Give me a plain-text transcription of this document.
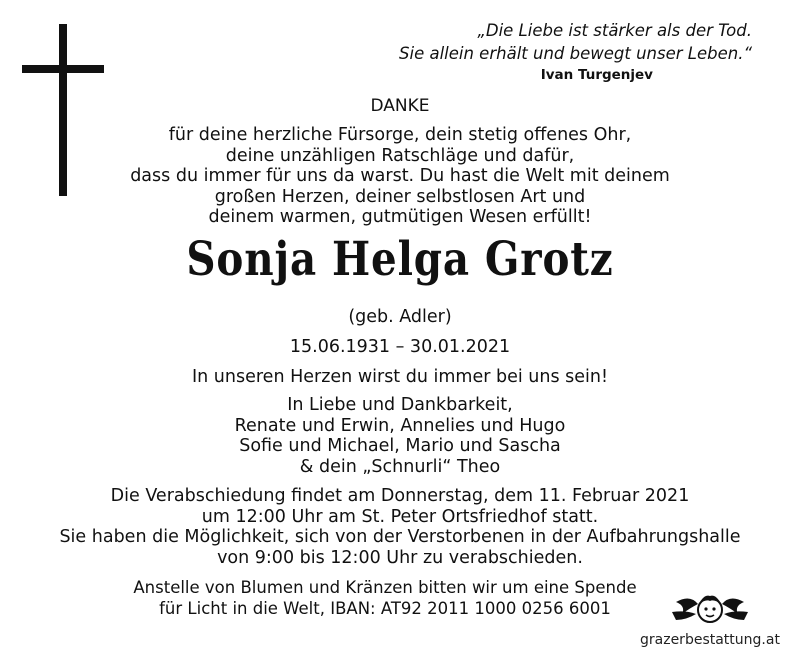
„Die Liebe ist stärker als der Tod.
Sie allein erhält und bewegt unser Leben.“
Ivan Turgenjev
DANKE
für deine herzliche Fürsorge, dein stetig offenes Ohr,
deine unzähligen Ratschläge und dafür,
dass du immer für uns da warst. Du hast die Welt mit deinem
großen Herzen, deiner selbstlosen Art und
deinem warmen, gutmütigen Wesen erfüllt!
Sonja Helga Grotz
(geb. Adler)
15.06.1931 – 30.01.2021
In unseren Herzen wirst du immer bei uns sein!
In Liebe und Dankbarkeit,
Renate und Erwin, Annelies und Hugo
Sofie und Michael, Mario und Sascha
& dein „Schnurli“ Theo
Die Verabschiedung findet am Donnerstag, dem 11. Februar 2021
um 12:00 Uhr am St. Peter Ortsfriedhof statt.
Sie haben die Möglichkeit, sich von der Verstorbenen in der Aufbahrungshalle
von 9:00 bis 12:00 Uhr zu verabschieden.
Anstelle von Blumen und Kränzen bitten wir um eine Spende
für Licht in die Welt, IBAN: AT92 2011 1000 0256 6001
grazerbestattung.at
